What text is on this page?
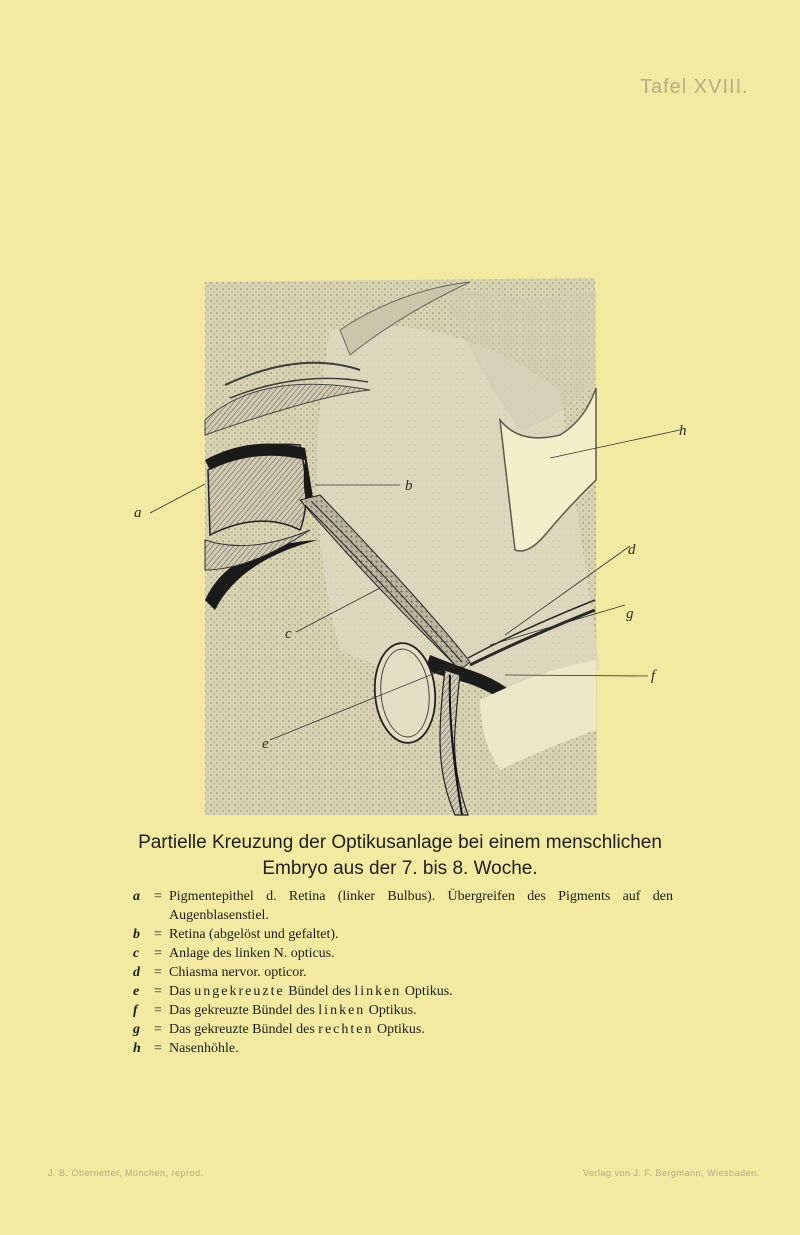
Tafel XVIII.
a
b
c
d
e
f
g
h
Partielle Kreuzung der Optikusanlage bei einem menschlichen
Embryo aus der 7. bis 8. Woche.
a	= Pigmentepithel d. Retina (linker Bulbus). Übergreifen des Pigments auf den Augenblasenstiel.
b	= Retina (abgelöst und gefaltet).
c	= Anlage des linken N. opticus.
d	= Chiasma nervor. opticor.
e	= Das ungekreuzte Bündel des linken Optikus.
f	= Das gekreuzte Bündel des linken Optikus.
g	= Das gekreuzte Bündel des rechten Optikus.
h = Nasenhöhle.
J. B. Obernetter, München, reprod.	Verlag von J. F. Bergmann, Wiesbaden.
